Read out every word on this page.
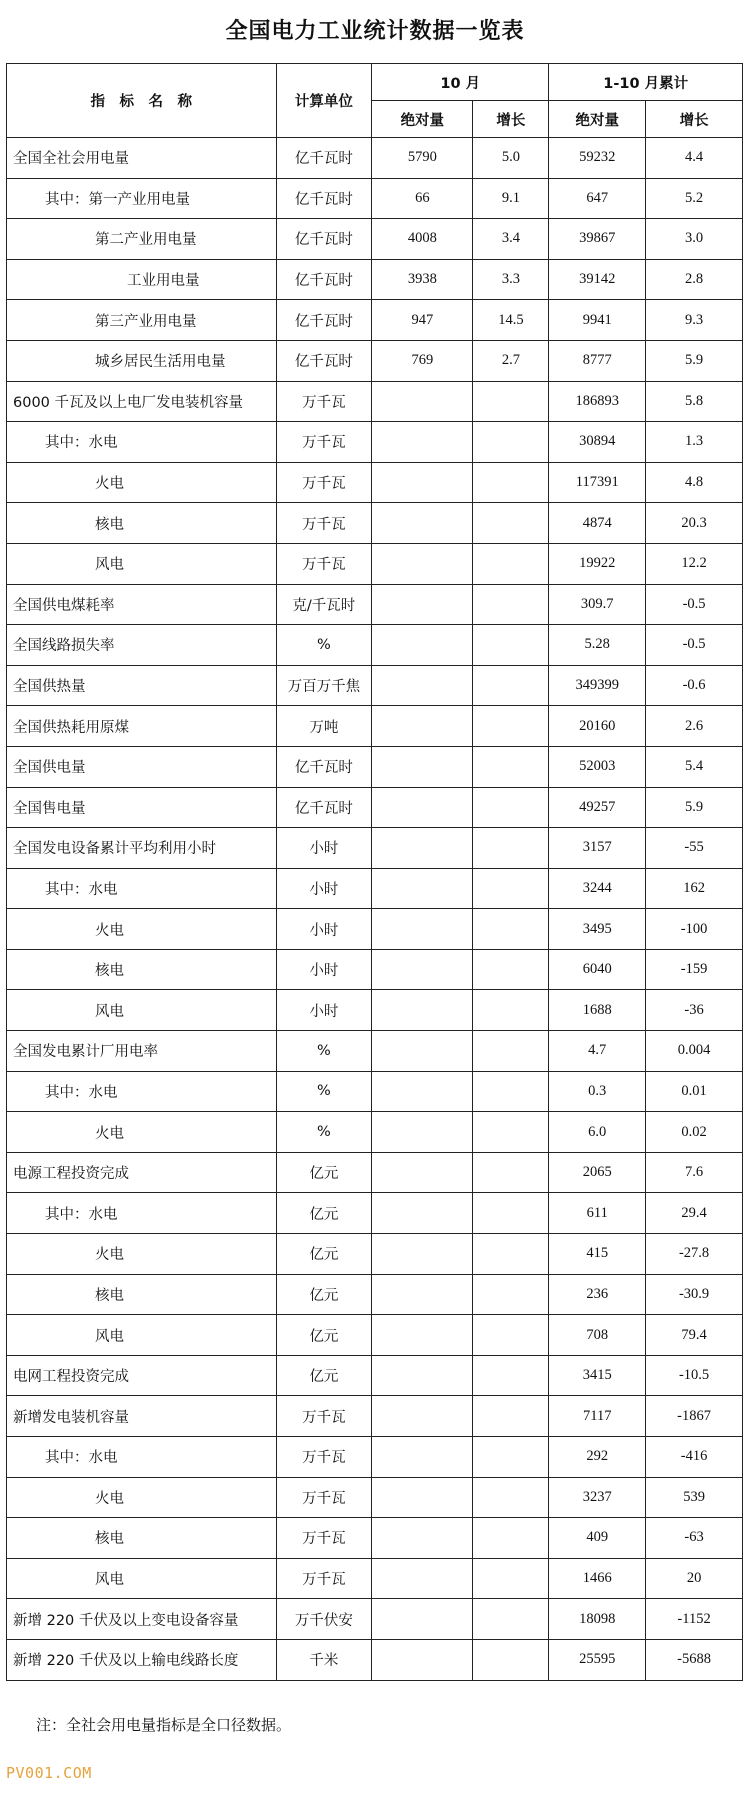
全国电力工业统计数据一览表
指　标　名　称	计算单位	10 月		1-10 月累计	
		绝对量	增长	绝对量	增长
全国全社会用电量	亿千瓦时	5790	5.0	59232	4.4
其中：第一产业用电量	亿千瓦时	66	9.1	647	5.2
第二产业用电量	亿千瓦时	4008	3.4	39867	3.0
工业用电量	亿千瓦时	3938	3.3	39142	2.8
第三产业用电量	亿千瓦时	947	14.5	9941	9.3
城乡居民生活用电量	亿千瓦时	769	2.7	8777	5.9
6000 千瓦及以上电厂发电装机容量	万千瓦			186893	5.8
其中：水电	万千瓦			30894	1.3
火电	万千瓦			117391	4.8
核电	万千瓦			4874	20.3
风电	万千瓦			19922	12.2
全国供电煤耗率	克/千瓦时			309.7	-0.5
全国线路损失率	%			5.28	-0.5
全国供热量	万百万千焦			349399	-0.6
全国供热耗用原煤	万吨			20160	2.6
全国供电量	亿千瓦时			52003	5.4
全国售电量	亿千瓦时			49257	5.9
全国发电设备累计平均利用小时	小时			3157	-55
其中：水电	小时			3244	162
火电	小时			3495	-100
核电	小时			6040	-159
风电	小时			1688	-36
全国发电累计厂用电率	%			4.7	0.004
其中：水电	%			0.3	0.01
火电	%			6.0	0.02
电源工程投资完成	亿元			2065	7.6
其中：水电	亿元			611	29.4
火电	亿元			415	-27.8
核电	亿元			236	-30.9
风电	亿元			708	79.4
电网工程投资完成	亿元			3415	-10.5
新增发电装机容量	万千瓦			7117	-1867
其中：水电	万千瓦			292	-416
火电	万千瓦			3237	539
核电	万千瓦			409	-63
风电	万千瓦			1466	20
新增 220 千伏及以上变电设备容量	万千伏安			18098	-1152
新增 220 千伏及以上输电线路长度	千米			25595	-5688
注：全社会用电量指标是全口径数据。
PV001.COM
